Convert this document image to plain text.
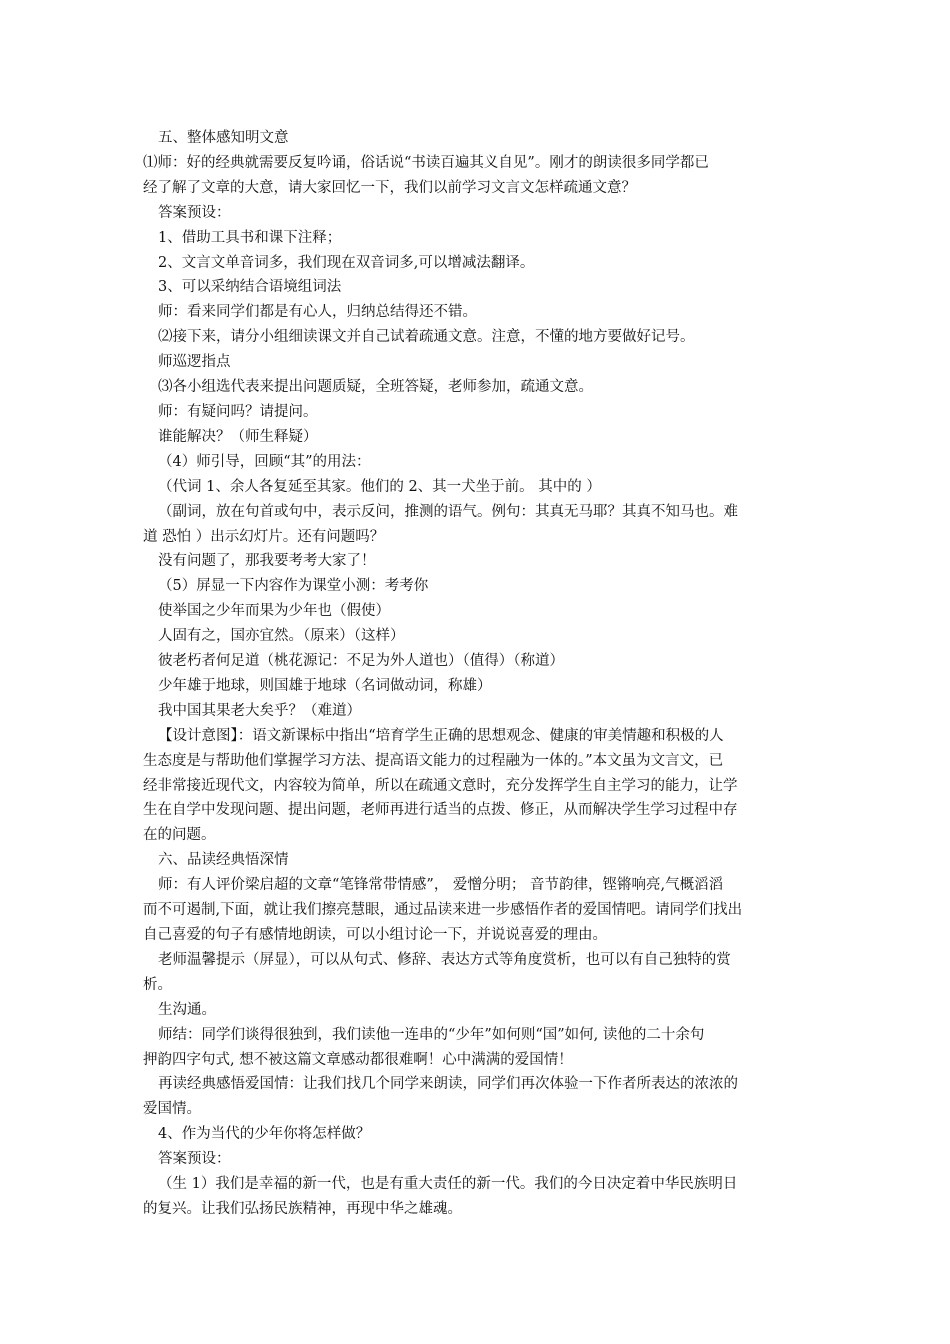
五、整体感知明文意

⑴师：好的经典就需要反复吟诵，俗话说“书读百遍其义自见”。刚才的朗读很多同学都已

经了解了文章的大意，请大家回忆一下，我们以前学习文言文怎样疏通文意？

答案预设：

1、借助工具书和课下注释；

2、文言文单音词多，我们现在双音词多,可以增减法翻译。

3、可以采纳结合语境组词法

师：看来同学们都是有心人，归纳总结得还不错。

⑵接下来，请分小组细读课文并自己试着疏通文意。注意，不懂的地方要做好记号。

师巡逻指点

⑶各小组选代表来提出问题质疑，全班答疑，老师参加，疏通文意。

师：有疑问吗？请提问。

谁能解决？（师生释疑）

（4）师引导，回顾“其”的用法：

（代词 1、余人各复延至其家。他们的 2、其一犬坐于前。 其中的 ）

（副词，放在句首或句中，表示反问，推测的语气。例句：其真无马耶？其真不知马也。难

道 恐怕 ）出示幻灯片。还有问题吗？

没有问题了，那我要考考大家了！

（5）屏显一下内容作为课堂小测：考考你

使举国之少年而果为少年也（假使）

人固有之，国亦宜然。（原来）（这样）

彼老朽者何足道（桃花源记：不足为外人道也）（值得）（称道）

少年雄于地球，则国雄于地球（名词做动词，称雄）

我中国其果老大矣乎？（难道）

【设计意图】：语文新课标中指出“培育学生正确的思想观念、健康的审美情趣和积极的人

生态度是与帮助他们掌握学习方法、提高语文能力的过程融为一体的。”本文虽为文言文，已

经非常接近现代文，内容较为简单，所以在疏通文意时，充分发挥学生自主学习的能力，让学

生在自学中发现问题、提出问题，老师再进行适当的点拨、修正，从而解决学生学习过程中存

在的问题。

六、品读经典悟深情

师：有人评价梁启超的文章“笔锋常带情感”， 爱憎分明； 音节韵律，铿锵响亮,气概滔滔

而不可遏制,下面，就让我们擦亮慧眼，通过品读来进一步感悟作者的爱国情吧。请同学们找出

自己喜爱的句子有感情地朗读，可以小组讨论一下，并说说喜爱的理由。

老师温馨提示（屏显），可以从句式、修辞、表达方式等角度赏析，也可以有自己独特的赏

析。

生沟通。

师结：同学们谈得很独到，我们读他一连串的“少年”如何则“国”如何, 读他的二十余句

押韵四字句式, 想不被这篇文章感动都很难啊！心中满满的爱国情！

再读经典感悟爱国情：让我们找几个同学来朗读，同学们再次体验一下作者所表达的浓浓的

爱国情。

4、作为当代的少年你将怎样做？

答案预设：

（生 1）我们是幸福的新一代，也是有重大责任的新一代。我们的今日决定着中华民族明日

的复兴。让我们弘扬民族精神，再现中华之雄魂。
